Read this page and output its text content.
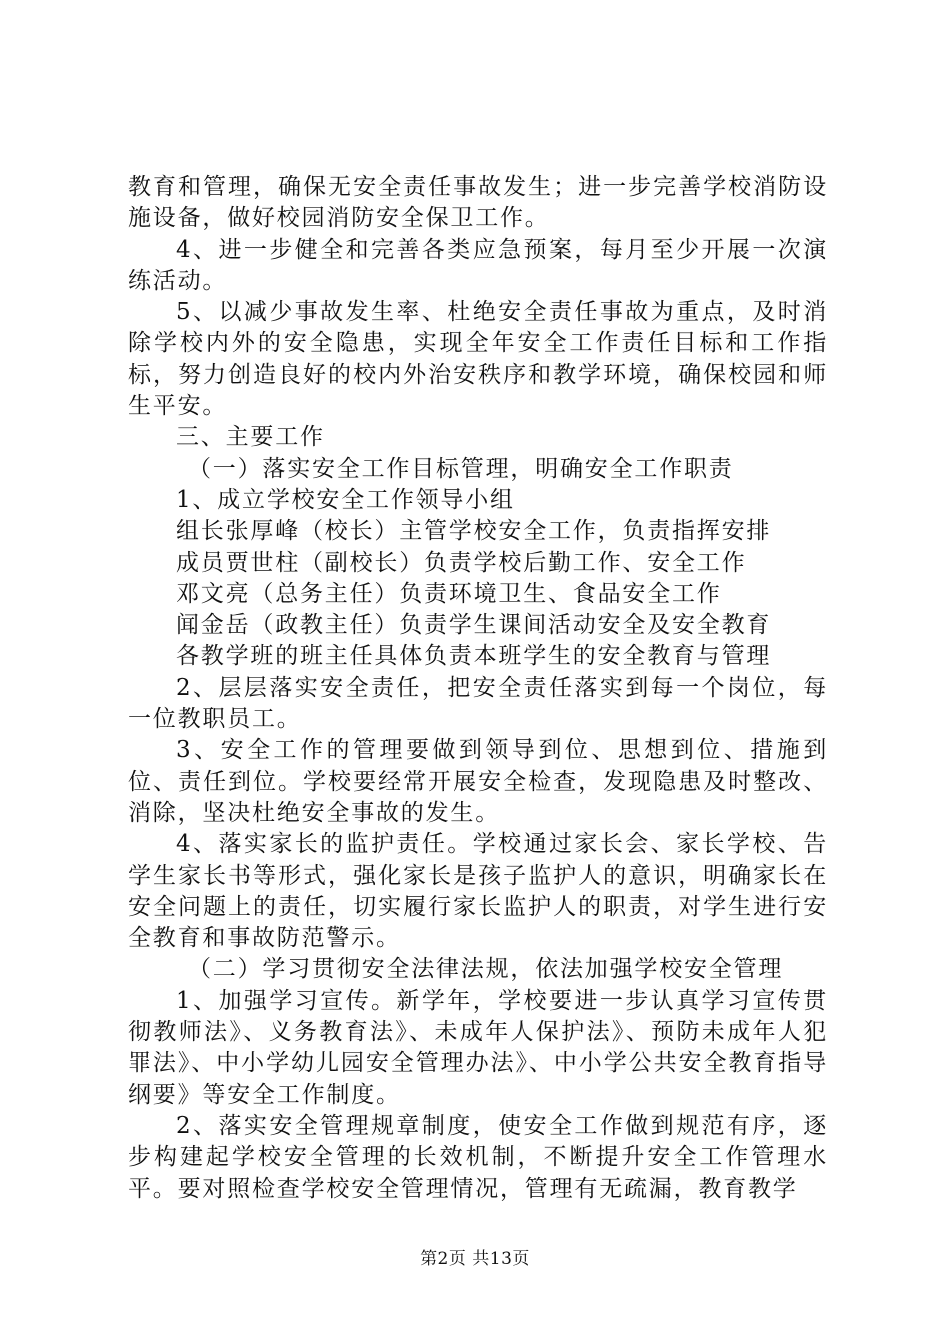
教育和管理，确保无安全责任事故发生；进一步完善学校消防设施设备，做好校园消防安全保卫工作。

4、进一步健全和完善各类应急预案，每月至少开展一次演练活动。

5、以减少事故发生率、杜绝安全责任事故为重点，及时消除学校内外的安全隐患，实现全年安全工作责任目标和工作指标，努力创造良好的校内外治安秩序和教学环境，确保校园和师生平安。

三、主要工作

（一）落实安全工作目标管理，明确安全工作职责

1、成立学校安全工作领导小组

组长张厚峰（校长）主管学校安全工作，负责指挥安排

成员贾世柱（副校长）负责学校后勤工作、安全工作

邓文亮（总务主任）负责环境卫生、食品安全工作

闻金岳（政教主任）负责学生课间活动安全及安全教育

各教学班的班主任具体负责本班学生的安全教育与管理

2、层层落实安全责任，把安全责任落实到每一个岗位，每一位教职员工。

3、安全工作的管理要做到领导到位、思想到位、措施到位、责任到位。学校要经常开展安全检查，发现隐患及时整改、消除，坚决杜绝安全事故的发生。

4、落实家长的监护责任。学校通过家长会、家长学校、告学生家长书等形式，强化家长是孩子监护人的意识，明确家长在安全问题上的责任，切实履行家长监护人的职责，对学生进行安全教育和事故防范警示。

（二）学习贯彻安全法律法规，依法加强学校安全管理

1、加强学习宣传。新学年，学校要进一步认真学习宣传贯彻教师法》、义务教育法》、未成年人保护法》、预防未成年人犯罪法》、中小学幼儿园安全管理办法》、中小学公共安全教育指导纲要》等安全工作制度。

2、落实安全管理规章制度，使安全工作做到规范有序，逐步构建起学校安全管理的长效机制，不断提升安全工作管理水平。要对照检查学校安全管理情况，管理有无疏漏，教育教学

第2页 共13页
